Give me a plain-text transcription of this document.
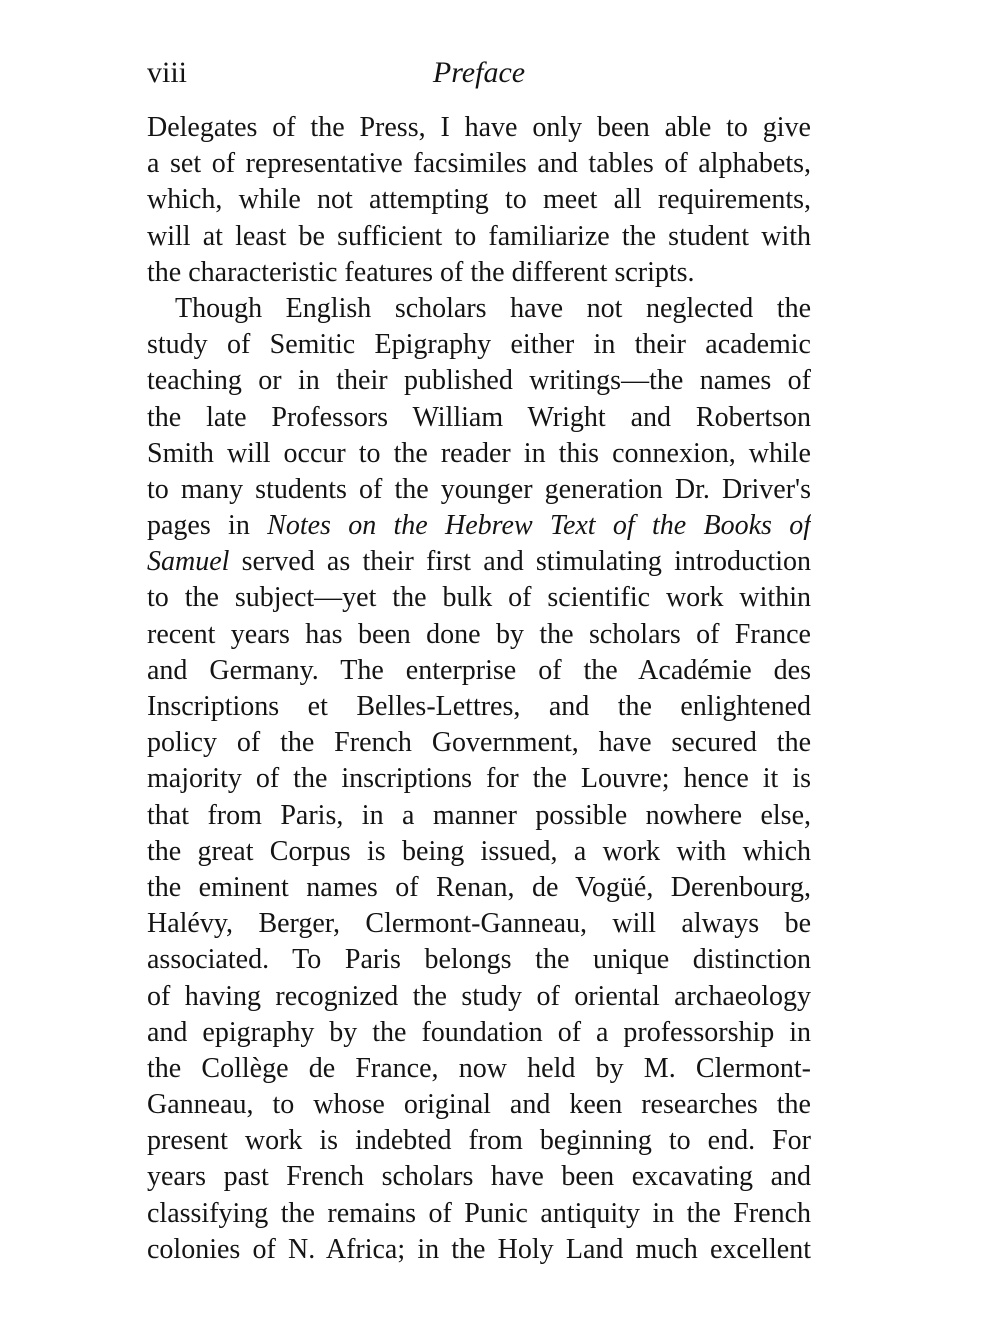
viii	Preface
Delegates of the Press, I have only been able to give
a set of representative facsimiles and tables of alphabets,
which, while not attempting to meet all requirements,
will at least be sufficient to familiarize the student with
the characteristic features of the different scripts.
Though English scholars have not neglected the
study of Semitic Epigraphy either in their academic
teaching or in their published writings—the names of
the late Professors William Wright and Robertson
Smith will occur to the reader in this connexion, while
to many students of the younger generation Dr. Driver's
pages in Notes on the Hebrew Text of the Books of
Samuel served as their first and stimulating introduction
to the subject—yet the bulk of scientific work within
recent years has been done by the scholars of France
and Germany. The enterprise of the Académie des
Inscriptions et Belles-Lettres, and the enlightened
policy of the French Government, have secured the
majority of the inscriptions for the Louvre; hence it is
that from Paris, in a manner possible nowhere else,
the great Corpus is being issued, a work with which
the eminent names of Renan, de Vogüé, Derenbourg,
Halévy, Berger, Clermont-Ganneau, will always be
associated. To Paris belongs the unique distinction
of having recognized the study of oriental archaeology
and epigraphy by the foundation of a professorship in
the Collège de France, now held by M. Clermont-
Ganneau, to whose original and keen researches the
present work is indebted from beginning to end. For
years past French scholars have been excavating and
classifying the remains of Punic antiquity in the French
colonies of N. Africa; in the Holy Land much excellent
